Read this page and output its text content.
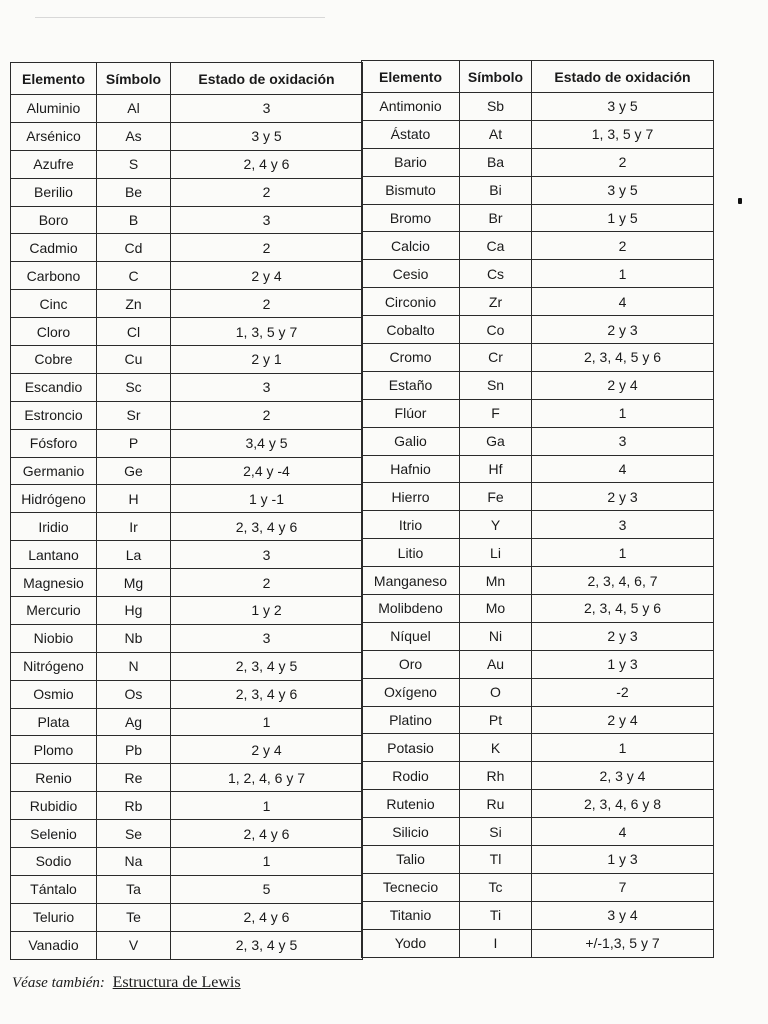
Elemento	Símbolo	Estado de oxidación
Aluminio	Al	3
Arsénico	As	3 y 5
Azufre	S	2, 4 y 6
Berilio	Be	2
Boro	B	3
Cadmio	Cd	2
Carbono	C	2 y 4
Cinc	Zn	2
Cloro	Cl	1, 3, 5 y 7
Cobre	Cu	2 y 1
Escandio	Sc	3
Estroncio	Sr	2
Fósforo	P	3,4 y 5
Germanio	Ge	2,4 y -4
Hidrógeno	H	1 y -1
Iridio	Ir	2, 3, 4 y 6
Lantano	La	3
Magnesio	Mg	2
Mercurio	Hg	1 y 2
Niobio	Nb	3
Nitrógeno	N	2, 3, 4 y 5
Osmio	Os	2, 3, 4 y 6
Plata	Ag	1
Plomo	Pb	2 y 4
Renio	Re	1, 2, 4, 6 y 7
Rubidio	Rb	1
Selenio	Se	2, 4 y 6
Sodio	Na	1
Tántalo	Ta	5
Telurio	Te	2, 4 y 6
Vanadio	V	2, 3, 4 y 5
Elemento	Símbolo	Estado de oxidación
Antimonio	Sb	3 y 5
Ástato	At	1, 3, 5 y 7
Bario	Ba	2
Bismuto	Bi	3 y 5
Bromo	Br	1 y 5
Calcio	Ca	2
Cesio	Cs	1
Circonio	Zr	4
Cobalto	Co	2 y 3
Cromo	Cr	2, 3, 4, 5 y 6
Estaño	Sn	2 y 4
Flúor	F	1
Galio	Ga	3
Hafnio	Hf	4
Hierro	Fe	2 y 3
Itrio	Y	3
Litio	Li	1
Manganeso	Mn	2, 3, 4, 6, 7
Molibdeno	Mo	2, 3, 4, 5 y 6
Níquel	Ni	2 y 3
Oro	Au	1 y 3
Oxígeno	O	-2
Platino	Pt	2 y 4
Potasio	K	1
Rodio	Rh	2, 3 y 4
Rutenio	Ru	2, 3, 4, 6 y 8
Silicio	Si	4
Talio	Tl	1 y 3
Tecnecio	Tc	7
Titanio	Ti	3 y 4
Yodo	I	+/-1,3, 5 y 7
Véase también: Estructura de Lewis
